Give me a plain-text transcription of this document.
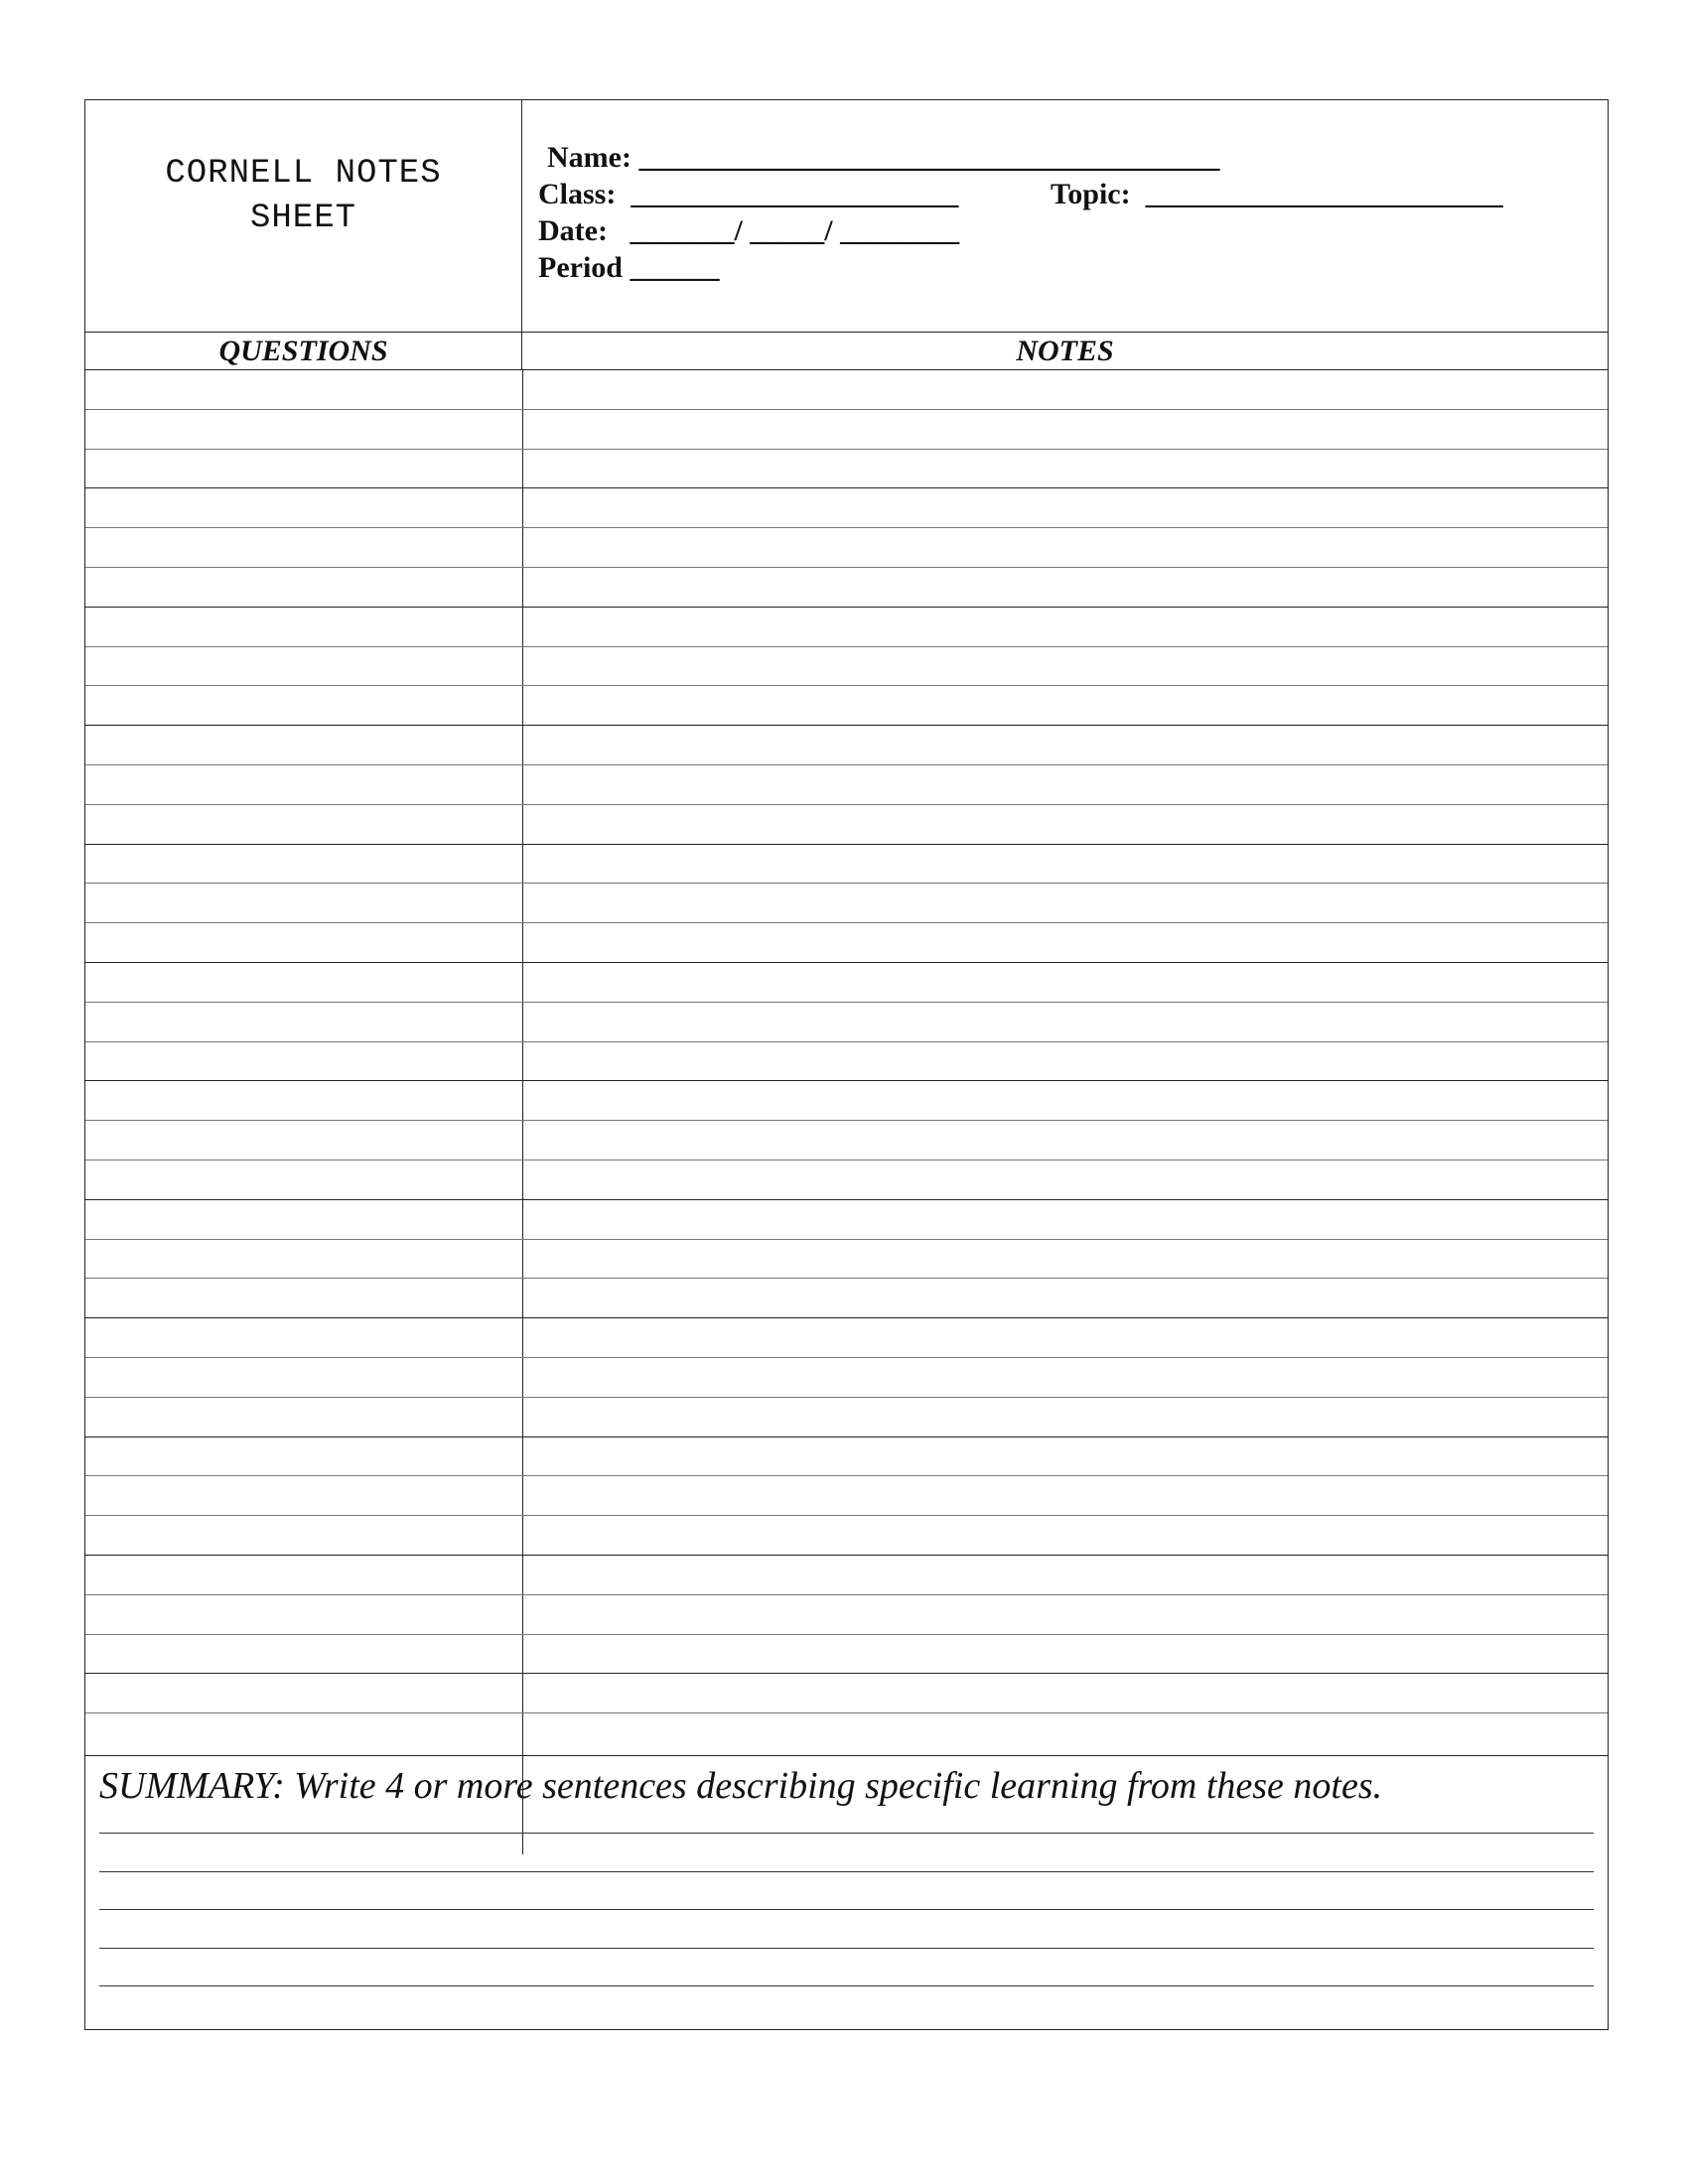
CORNELL NOTES
SHEET
Name: _______________________________________
Class:  ______________________	Topic:  ________________________
Date:   _______/ _____/ ________
Period ______
QUESTIONS	NOTES
SUMMARY: Write 4 or more sentences describing specific learning from these notes.
